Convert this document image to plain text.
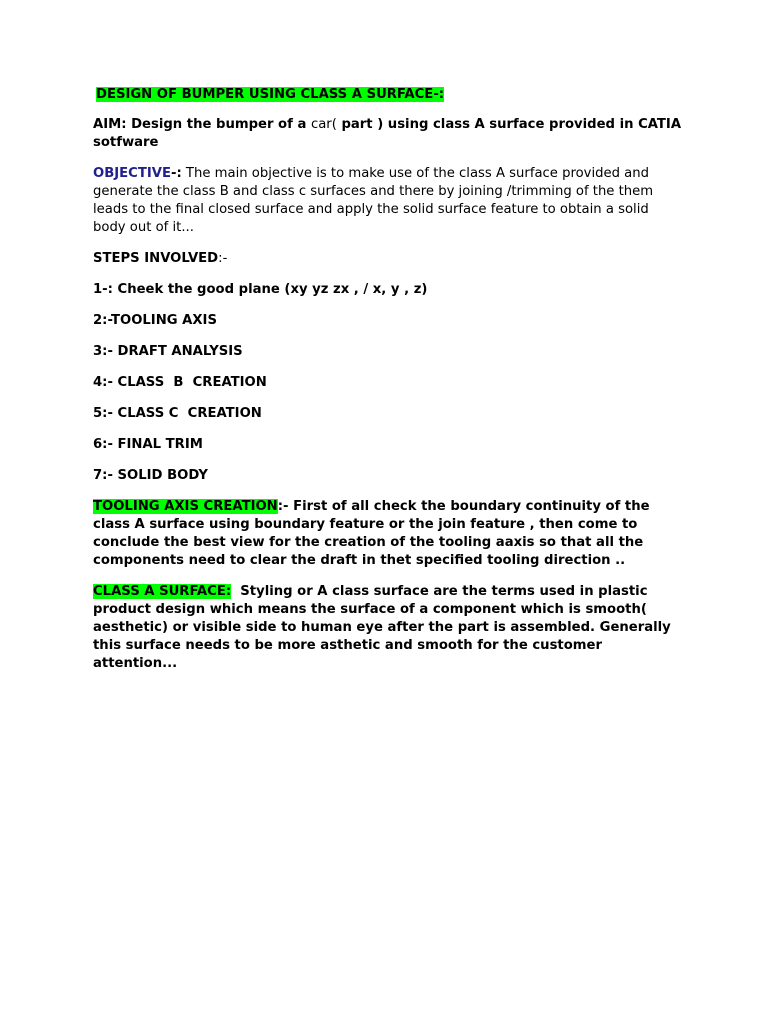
DESIGN OF BUMPER USING CLASS A SURFACE-:

AIM: Design the bumper of a car( part ) using class A surface provided in CATIA sotfware

OBJECTIVE-: The main objective is to make use of the class A surface provided and generate the class B and class c surfaces and there by joining /trimming of the them leads to the final closed surface and apply the solid surface feature to obtain a solid body out of it...

STEPS INVOLVED:-

1-: Cheek the good plane (xy yz zx , / x, y , z)

2:-TOOLING AXIS

3:- DRAFT ANALYSIS

4:- CLASS  B  CREATION

5:- CLASS C  CREATION

6:- FINAL TRIM

7:- SOLID BODY

TOOLING AXIS CREATION:- First of all check the boundary continuity of the class A surface using boundary feature or the join feature , then come to conclude the best view for the creation of the tooling aaxis so that all the components need to clear the draft in thet specified tooling direction ..

CLASS A SURFACE:  Styling or A class surface are the terms used in plastic product design which means the surface of a component which is smooth( aesthetic) or visible side to human eye after the part is assembled. Generally this surface needs to be more asthetic and smooth for the customer attention...
